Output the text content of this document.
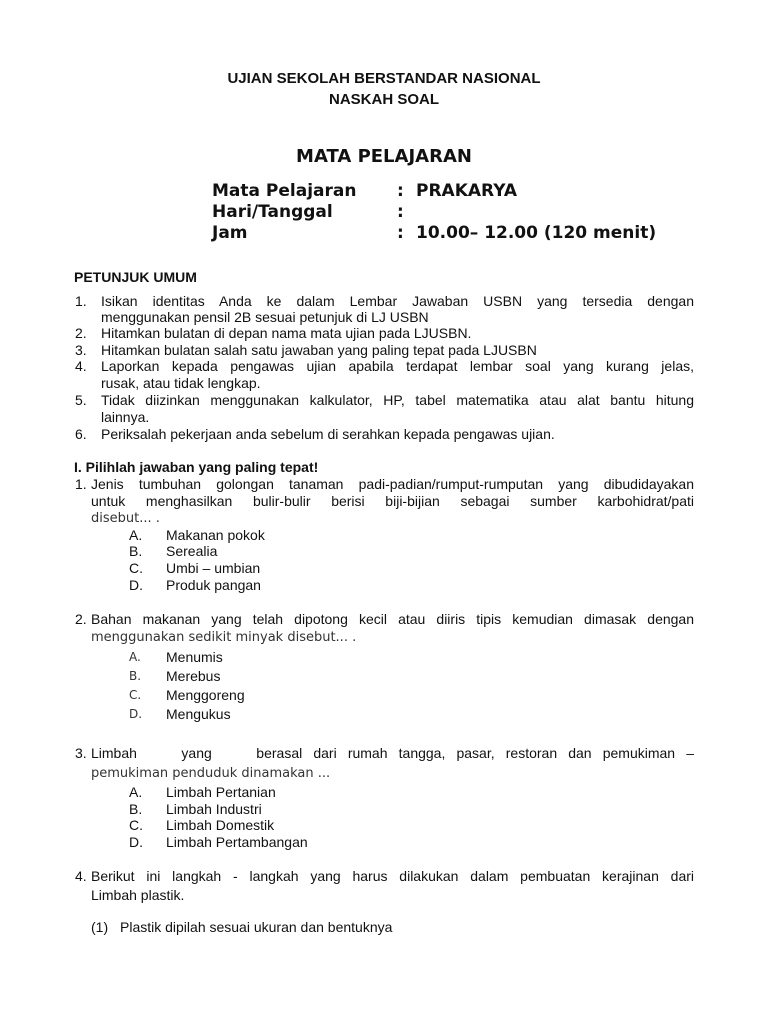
UJIAN SEKOLAH BERSTANDAR NASIONAL
NASKAH SOAL
MATA PELAJARAN
Mata Pelajaran : PRAKARYA
Hari/Tanggal	:
Jam	: 10.00– 12.00 (120 menit)
PETUNJUK UMUM
1. Isikan identitas Anda ke dalam Lembar Jawaban USBN yang tersedia dengan
menggunakan pensil 2B sesuai petunjuk di LJ USBN
2. Hitamkan bulatan di depan nama mata ujian pada LJUSBN.
3. Hitamkan bulatan salah satu jawaban yang paling tepat pada LJUSBN
4. Laporkan kepada pengawas ujian apabila terdapat lembar soal yang kurang jelas,
rusak, atau tidak lengkap.
5. Tidak diizinkan menggunakan kalkulator, HP, tabel matematika atau alat bantu hitung
lainnya.
6. Periksalah pekerjaan anda sebelum di serahkan kepada pengawas ujian.
I. Pilihlah jawaban yang paling tepat!
1. Jenis tumbuhan golongan tanaman padi-padian/rumput-rumputan yang dibudidayakan
untuk menghasilkan bulir-bulir berisi biji-bijian sebagai sumber karbohidrat/pati
disebut... .
A. Makanan pokok
B. Serealia
C. Umbi – umbian
D. Produk pangan
2. Bahan makanan yang telah dipotong kecil atau diiris tipis kemudian dimasak dengan
menggunakan sedikit minyak disebut... .
A. Menumis
B. Merebus
C. Menggoreng
D. Mengukus
3. Limbah    yang    berasal dari rumah tangga, pasar, restoran dan pemukiman –
pemukiman penduduk dinamakan ...
A. Limbah Pertanian
B. Limbah Industri
C. Limbah Domestik
D. Limbah Pertambangan
4. Berikut ini langkah - langkah yang harus dilakukan dalam pembuatan kerajinan dari
Limbah plastik.
(1) Plastik dipilah sesuai ukuran dan bentuknya
